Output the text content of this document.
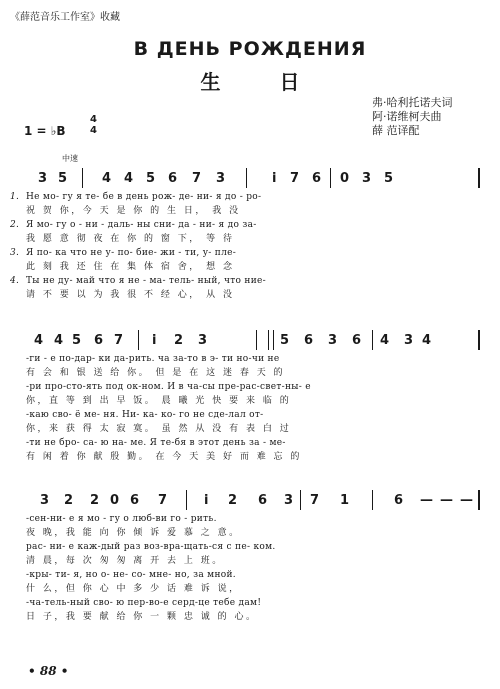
《薛范音乐工作室》收藏
В ДЕНЬ РОЖДЕНИЯ
生 日
1 = ♭B
4
4
弗·哈利托诺夫词
阿·诺维柯夫曲
薛 范译配
中速
3 5	4 4 5 6 7 3	i 7 6 0 3 5
1. Не мо- гу я те- бе в день рож- де- ни- я до - ро-
祝 贺 你，今 天 是 你 的 生 日， 我 没
2. Я мо- гу о - ни - даль- ны сни- да - ни- я до за-
我 愿 意 彻 夜 在 你 的 窗 下， 等 待
3. Я по- ка что не у- по- бие- жи - ти, у- пле-
此 刻 我 还 住 在 集 体 宿 舍， 想 念
4. Ты не ду- май что я не - ма- тель- ный, что ние-
请 不 要 以 为 我 很 不 经 心， 从 没
4 4 5 6 7 i 2 3	5 6 3 6 4 3 4
-ги - е по-дар- ки да-рить. ча за-то в э- ти но-чи не
有 会 和 银 送 给 你。 但 是 在 这 迷 春 天 的
-ри про-сто-ять под ок-ном. И в ча-сы пре-рас-свет-ны- е
你，直 等 到 出 早 饭。 晨 曦 光 快 要 来 临 的
-каю сво- ё ме- ня. Ни- ка- ко- го не сде-лал от-
你，来 获 得 太 寂 寞。 虽 然 从 没 有 表 白 过
-ти не бро- са- ю на- ме. Я те-бя в этот день за - ме-
有 闲 着 你 献 殷 勤。 在 今 天 美 好 而 难 忘 的
3 2 2 0 6 7	i 2 6 3 7 1	6 — — —
-сен-ни- е я мо - гу о люб-ви го - рить.
夜 晚，我 能 向 你 倾 诉 爱 慕 之 意。
рас- ни- е каж-дый раз воз-вра-щать-ся с пе- ком.
清 晨，每 次 匆 匆 离 开 去 上 班。
-кры- ти- я, но о- не- со- мне- но, за мной.
什 么，但 你 心 中 多 少 话 难 诉 说，
-ча-тель-ный сво- ю пер-во-е серд-це тебе дам!
日 子，我 要 献 给 你 一 颗 忠 诚 的 心。
• 88 •
